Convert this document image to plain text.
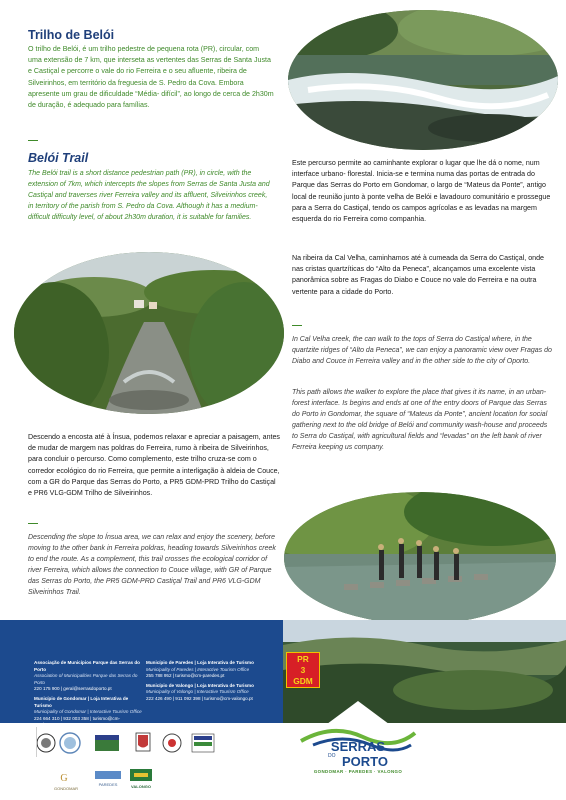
Trilho de Belói
O trilho de Belói, é um trilho pedestre de pequena rota (PR), circular, com uma extensão de 7 km, que interseta as vertentes das Serras de Santa Justa e Castiçal e percorre o vale do rio Ferreira e o seu afluente, ribeira de Silveirinhos, em território da freguesia de S. Pedro da Cova. Embora apresente um grau de dificuldade “Média- difícil”, ao longo de cerca de 2h30m de duração, é adequado para famílias.
Belói Trail
The Belói trail is a short distance pedestrian path (PR), in circle, with the extension of 7km, which intercepts the slopes from Serras de Santa Justa and Castiçal and traverses river Ferreira valley and its affluent, Silveirinhos creek, in territory of the parish from S. Pedro da Cova. Although it has a medium-difficult difficulty level, of about 2h30m duration, it is suitable for families.
Este percurso permite ao caminhante explorar o lugar que lhe dá o nome, num interface urbano- florestal. Inicia-se e termina numa das portas de entrada do Parque das Serras do Porto em Gondomar, o largo de “Mateus da Ponte”, antigo local de reunião junto à ponte velha de Belói e lavadouro comunitário e prossegue para a Serra do Castiçal, tendo os campos agrícolas e as levadas na margem esquerda do rio Ferreira como companhia.
Na ribeira da Cal Velha, caminhamos até à cumeada da Serra do Castiçal, onde nas cristas quartzíticas do “Alto da Peneca”, alcançamos uma excelente vista panorâmica sobre as Fragas do Diabo e Couce no vale do Ferreira e na outra vertente para a cidade do Porto.
In Cal Velha creek, the can walk to the tops of Serra do Castiçal where, in the quartzite ridges of “Alto da Peneca”, we can enjoy a panoramic view over Fragas do Diabo and Couce in Ferreira valley and in the other side to the city of Oporto.
This path allows the walker to explore the place that gives it its name, in an urban-forest interface. Is begins and ends at one of the entry doors of Parque das Serras do Porto in Gondomar, the square of “Mateus da Ponte”, ancient location for social gathering next to the old bridge of Belói and community wash-house and proceeds to Serra do Castiçal, with agricultural fields and “levadas” on the left bank of river Ferreira keeping us company.
Descendo a encosta até à Ínsua, podemos relaxar e apreciar a paisagem, antes de mudar de margem nas poldras do Ferreira, rumo à ribeira de Silveirinhos, para concluir o percurso. Como complemento, este trilho cruza-se com o corredor ecológico do rio Ferreira, que permite a interligação à aldeia de Couce, com a GR do Parque das Serras do Porto, a PR5 GDM-PRD Trilho do Castiçal e PR6 VLG-GDM Trilho de Silveirinhos.
Descending the slope to Ínsua area, we can relax and enjoy the scenery, before moving to the other bank in Ferreira poldras, heading towards Silveirinhos creek to end the route. As a complement, this trail crosses the ecological corridor of river Ferreira, which allows the connection to Couce village, with GR of Parque das Serras do Porto, the PR5 GDM-PRD Castiçal Trail and PR6 VLG-GDM Silveirinhos Trail.
Associação de Municípios Parque das Serras do Porto
Association of Municipalities Parque das Serras do Porto
220 175 900 | geral@serrasdoporto.pt
Município de Gondomar | Loja Interativa de Turismo
Municipality of Gondomar | Interactive Tourism Office
224 664 310 | 932 003 358 | turismo@cm-
Município de Paredes | Loja Interativa de Turismo
Municipality of Paredes | Interactive Tourism Office
255 788 952 | turismo@cm-paredes.pt
Município de Valongo | Loja Interativa de Turismo
Municipality of Valongo | Interactive Tourism Office
222 426 490 | 911 092 398 | turismo@cm-valongo.pt
G
GONDOMAR
PAREDES	VALONGO
PR
3
GDM
SERRAS
$^{DO}$ PORTO
GONDOMAR · PAREDES · VALONGO
REDE DE PERCURSOS PEDESTRES
TRILHO DE
BELÓI
